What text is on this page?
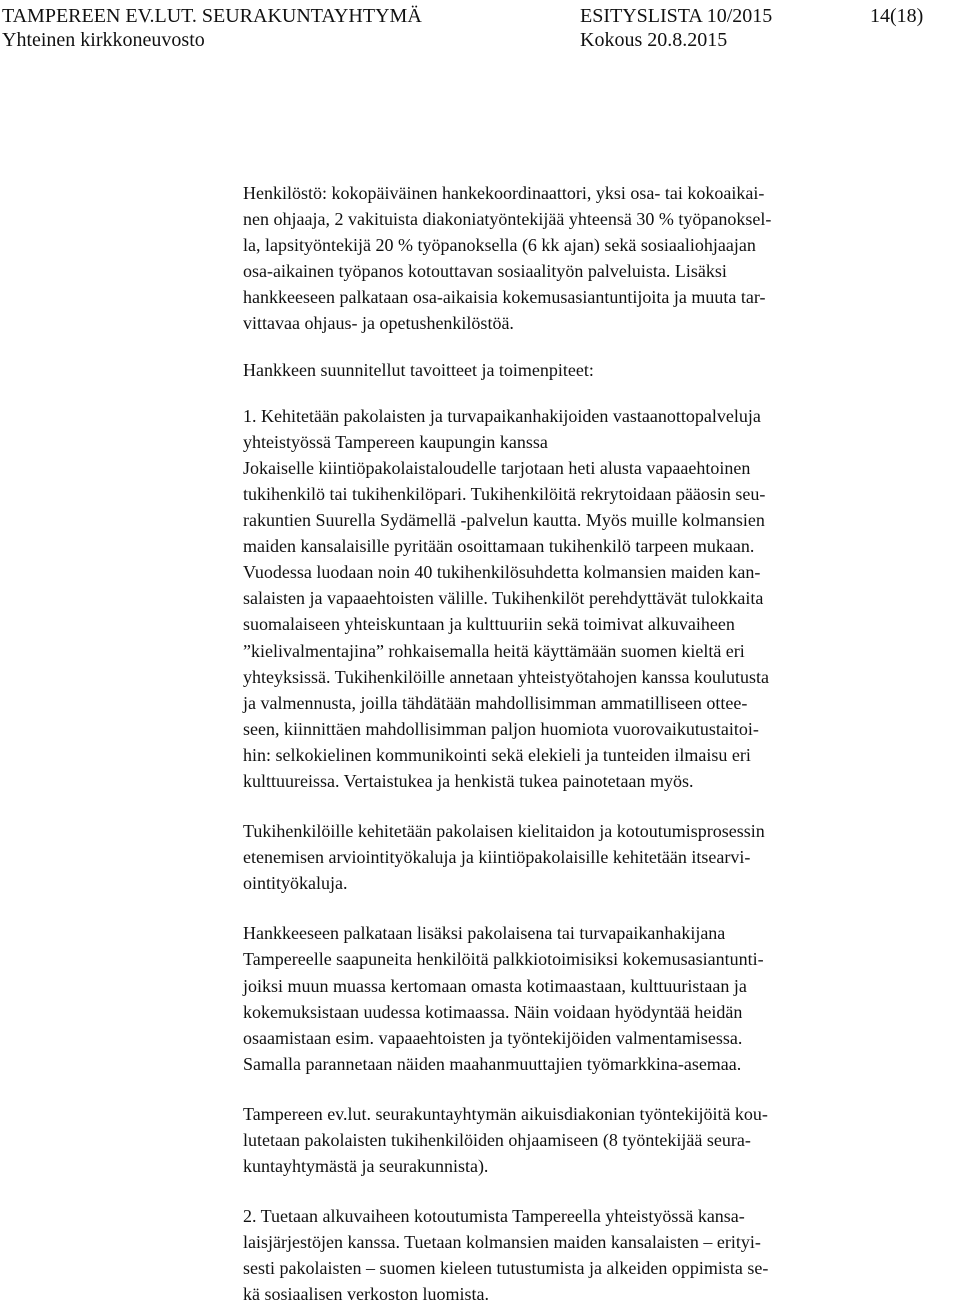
TAMPEREEN EV.LUT. SEURAKUNTAYHTYMÄ	ESITYSLISTA 10/2015	14(18)
Yhteinen kirkkoneuvosto	Kokous 20.8.2015
Henkilöstö: kokopäiväinen hankekoordinaattori, yksi osa- tai kokoaikai-
nen ohjaaja, 2 vakituista diakoniatyöntekijää yhteensä 30 % työpanoksel-
la, lapsityöntekijä 20 % työpanoksella (6 kk ajan) sekä sosiaaliohjaajan
osa-aikainen työpanos kotouttavan sosiaalityön palveluista. Lisäksi
hankkeeseen palkataan osa-aikaisia kokemusasiantuntijoita ja muuta tar-
vittavaa ohjaus- ja opetushenkilöstöä.
Hankkeen suunnitellut tavoitteet ja toimenpiteet:
1. Kehitetään pakolaisten ja turvapaikanhakijoiden vastaanottopalveluja
yhteistyössä Tampereen kaupungin kanssa
Jokaiselle kiintiöpakolaistaloudelle tarjotaan heti alusta vapaaehtoinen
tukihenkilö tai tukihenkilöpari. Tukihenkilöitä rekrytoidaan pääosin seu-
rakuntien Suurella Sydämellä -palvelun kautta. Myös muille kolmansien
maiden kansalaisille pyritään osoittamaan tukihenkilö tarpeen mukaan.
Vuodessa luodaan noin 40 tukihenkilösuhdetta kolmansien maiden kan-
salaisten ja vapaaehtoisten välille. Tukihenkilöt perehdyttävät tulokkaita
suomalaiseen yhteiskuntaan ja kulttuuriin sekä toimivat alkuvaiheen
”kielivalmentajina” rohkaisemalla heitä käyttämään suomen kieltä eri
yhteyksissä. Tukihenkilöille annetaan yhteistyötahojen kanssa koulutusta
ja valmennusta, joilla tähdätään mahdollisimman ammatilliseen ottee-
seen, kiinnittäen mahdollisimman paljon huomiota vuorovaikutustaitoi-
hin: selkokielinen kommunikointi sekä elekieli ja tunteiden ilmaisu eri
kulttuureissa. Vertaistukea ja henkistä tukea painotetaan myös.
Tukihenkilöille kehitetään pakolaisen kielitaidon ja kotoutumisprosessin
etenemisen arviointityökaluja ja kiintiöpakolaisille kehitetään itsearvi-
ointityökaluja.
Hankkeeseen palkataan lisäksi pakolaisena tai turvapaikanhakijana
Tampereelle saapuneita henkilöitä palkkiotoimisiksi kokemusasiantunti-
joiksi muun muassa kertomaan omasta kotimaastaan, kulttuuristaan ja
kokemuksistaan uudessa kotimaassa. Näin voidaan hyödyntää heidän
osaamistaan esim. vapaaehtoisten ja työntekijöiden valmentamisessa.
Samalla parannetaan näiden maahanmuuttajien työmarkkina-asemaa.
Tampereen ev.lut. seurakuntayhtymän aikuisdiakonian työntekijöitä kou-
lutetaan pakolaisten tukihenkilöiden ohjaamiseen (8 työntekijää seura-
kuntayhtymästä ja seurakunnista).
2. Tuetaan alkuvaiheen kotoutumista Tampereella yhteistyössä kansa-
laisjärjestöjen kanssa. Tuetaan kolmansien maiden kansalaisten – erityi-
sesti pakolaisten – suomen kieleen tutustumista ja alkeiden oppimista se-
kä sosiaalisen verkoston luomista.
